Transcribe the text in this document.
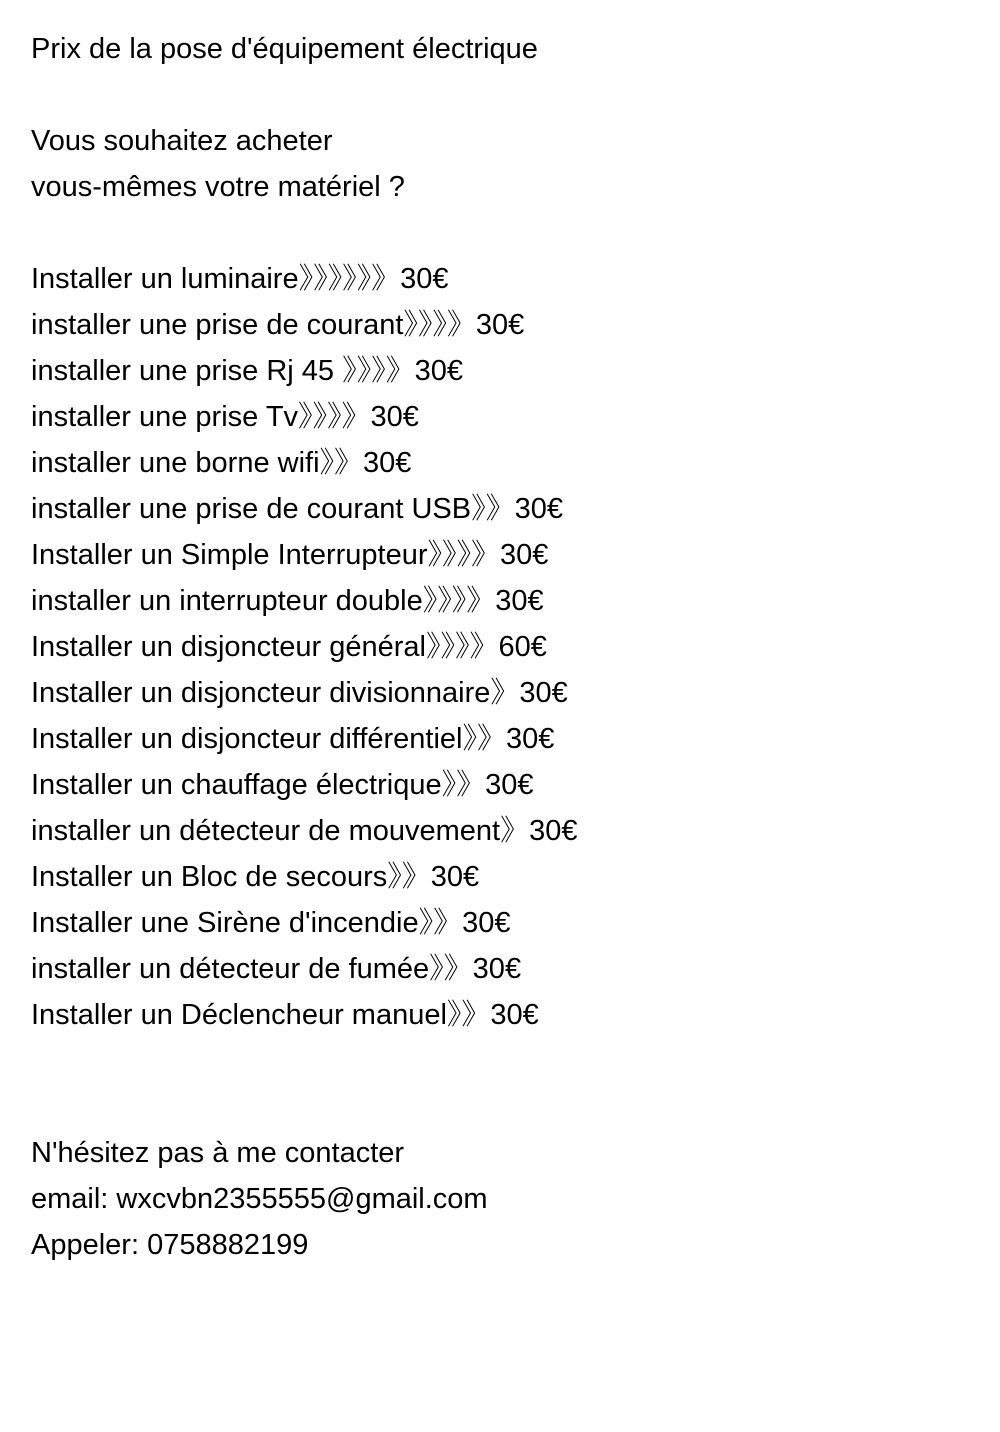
Prix de la pose d'équipement électrique
Vous souhaitez acheter
vous-mêmes votre matériel ?
Installer un luminaire》》》》》》30€
installer une prise de courant》》》》30€
installer une prise Rj 45 》》》》30€
installer une prise Tv》》》》30€
installer une borne wifi》》30€
installer une prise de courant USB》》30€
Installer un Simple Interrupteur》》》》30€
installer un interrupteur double》》》》30€
Installer un disjoncteur général》》》》60€
Installer un disjoncteur divisionnaire》30€
Installer un disjoncteur différentiel》》30€
Installer un chauffage électrique》》30€
installer un détecteur de mouvement》30€
Installer un Bloc de secours》》30€
Installer une Sirène d'incendie》》30€
installer un détecteur de fumée》》30€
Installer un Déclencheur manuel》》30€
N'hésitez pas à me contacter
email: wxcvbn2355555@gmail.com
Appeler: 0758882199
